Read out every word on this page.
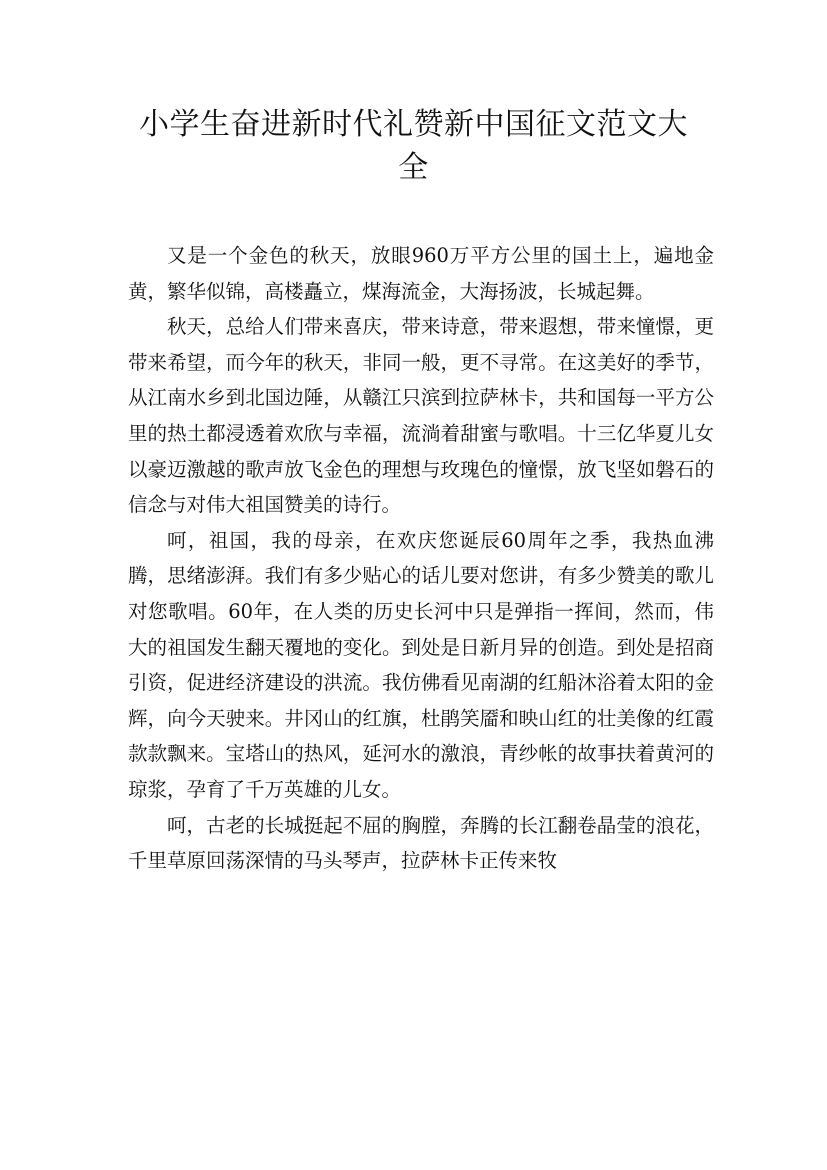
小学生奋进新时代礼赞新中国征文范文大全

又是一个金色的秋天，放眼960万平方公里的国土上，遍地金黄，繁华似锦，高楼矗立，煤海流金，大海扬波，长城起舞。

秋天，总给人们带来喜庆，带来诗意，带来遐想，带来憧憬，更带来希望，而今年的秋天，非同一般，更不寻常。在这美好的季节，从江南水乡到北国边陲，从赣江只滨到拉萨林卡，共和国每一平方公里的热土都浸透着欢欣与幸福，流淌着甜蜜与歌唱。十三亿华夏儿女以豪迈激越的歌声放飞金色的理想与玫瑰色的憧憬，放飞坚如磐石的信念与对伟大祖国赞美的诗行。

呵，祖国，我的母亲，在欢庆您诞辰60周年之季，我热血沸腾，思绪澎湃。我们有多少贴心的话儿要对您讲，有多少赞美的歌儿对您歌唱。60年，在人类的历史长河中只是弹指一挥间，然而，伟大的祖国发生翻天覆地的变化。到处是日新月异的创造。到处是招商引资，促进经济建设的洪流。我仿佛看见南湖的红船沐浴着太阳的金辉，向今天驶来。井冈山的红旗，杜鹃笑靥和映山红的壮美像的红霞款款飘来。宝塔山的热风，延河水的激浪，青纱帐的故事扶着黄河的琼浆，孕育了千万英雄的儿女。

呵，古老的长城挺起不屈的胸膛，奔腾的长江翻卷晶莹的浪花，千里草原回荡深情的马头琴声，拉萨林卡正传来牧
